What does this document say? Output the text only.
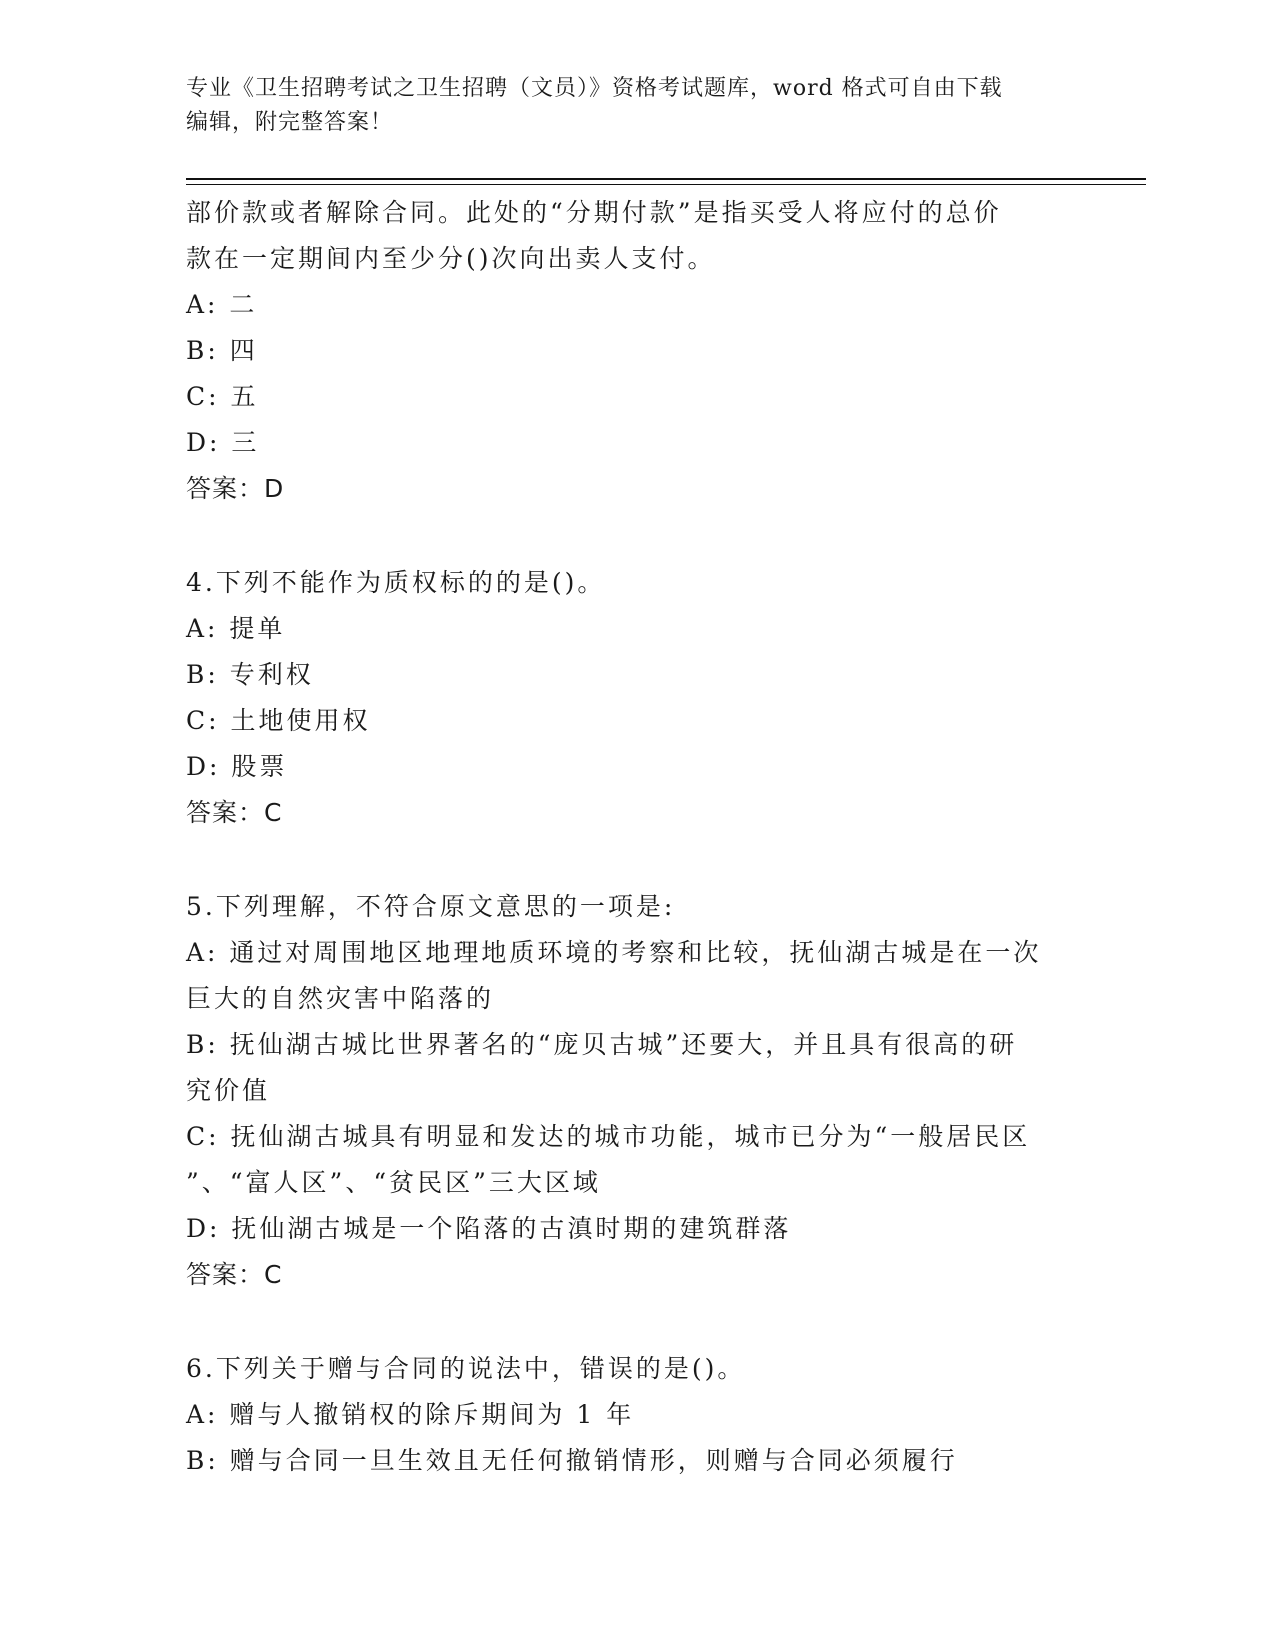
专业《卫生招聘考试之卫生招聘（文员）》资格考试题库，word 格式可自由下载
编辑，附完整答案！
部价款或者解除合同。此处的“分期付款”是指买受人将应付的总价
款在一定期间内至少分()次向出卖人支付。
A: 二
B: 四
C: 五
D: 三
答案：D
4.下列不能作为质权标的的是()。
A: 提单
B: 专利权
C: 土地使用权
D: 股票
答案：C
5.下列理解，不符合原文意思的一项是:
A: 通过对周围地区地理地质环境的考察和比较，抚仙湖古城是在一次
巨大的自然灾害中陷落的
B: 抚仙湖古城比世界著名的“庞贝古城”还要大，并且具有很高的研
究价值
C: 抚仙湖古城具有明显和发达的城市功能，城市已分为“一般居民区
”、“富人区”、“贫民区”三大区域
D: 抚仙湖古城是一个陷落的古滇时期的建筑群落
答案：C
6.下列关于赠与合同的说法中，错误的是()。
A: 赠与人撤销权的除斥期间为 1 年
B: 赠与合同一旦生效且无任何撤销情形，则赠与合同必须履行
